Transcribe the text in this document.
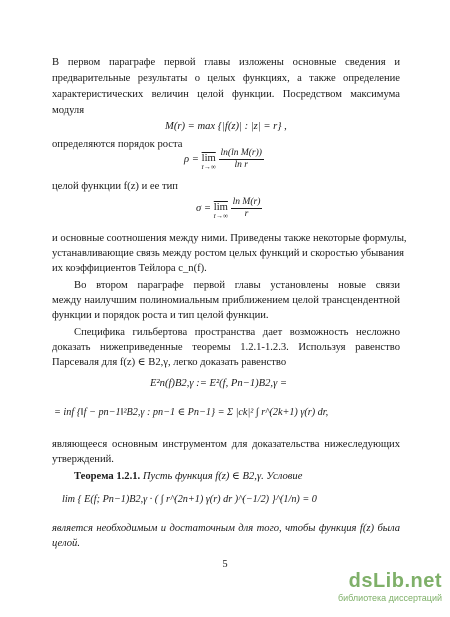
В первом параграфе первой главы изложены основные сведения и
предварительные результаты о целых функциях, а также определение
характеристических величин целой функции. Посредством максимума
модуля
M(r) = max {|f(z)| : |z| = r} ,
определяются порядок роста
$\rho = \overline{lim}$
r→∞
$\frac{\text{ln(ln M(r))}}{\text{ln r}}$
целой функции f(z) и ее тип
$\sigma = \overline{lim}$
r→∞
$\frac{\text{ln M(r)}}{r}$
и основные соотношения между ними. Приведены также некоторые формулы,
устанавливающие связь между ростом целых функций и скоростью убывания
их коэффициентов Тейлора c_n(f).
Во втором параграфе первой главы установлены новые связи
между наилучшим полиномиальным приближением целой трансцендентной
функции и порядок роста и тип целой функции.
Специфика гильбертова пространства дает возможность несложно
доказать нижеприведенные теоремы 1.2.1-1.2.3. Используя равенство
Парсеваля для f(z) ∈ B2,γ, легко доказать равенство
E²n(f)B2,γ := E²(f, Pn−1)B2,γ =
= inf {‖f − pn−1‖²B2,γ : pn−1 ∈ Pn−1} = Σ |ck|² ∫ r^(2k+1) γ(r) dr,
являющееся основным инструментом для доказательства нижеследующих
утверждений.
Теорема 1.2.1. Пусть функция f(z) ∈ B2,γ. Условие
lim { E(f; Pn−1)B2,γ · ( ∫ r^(2n+1) γ(r) dr )^(−1/2) }^(1/n) = 0
является необходимым и достаточным для того, чтобы функция f(z) была
целой.
5
dsLib.net
библиотека диссертаций
